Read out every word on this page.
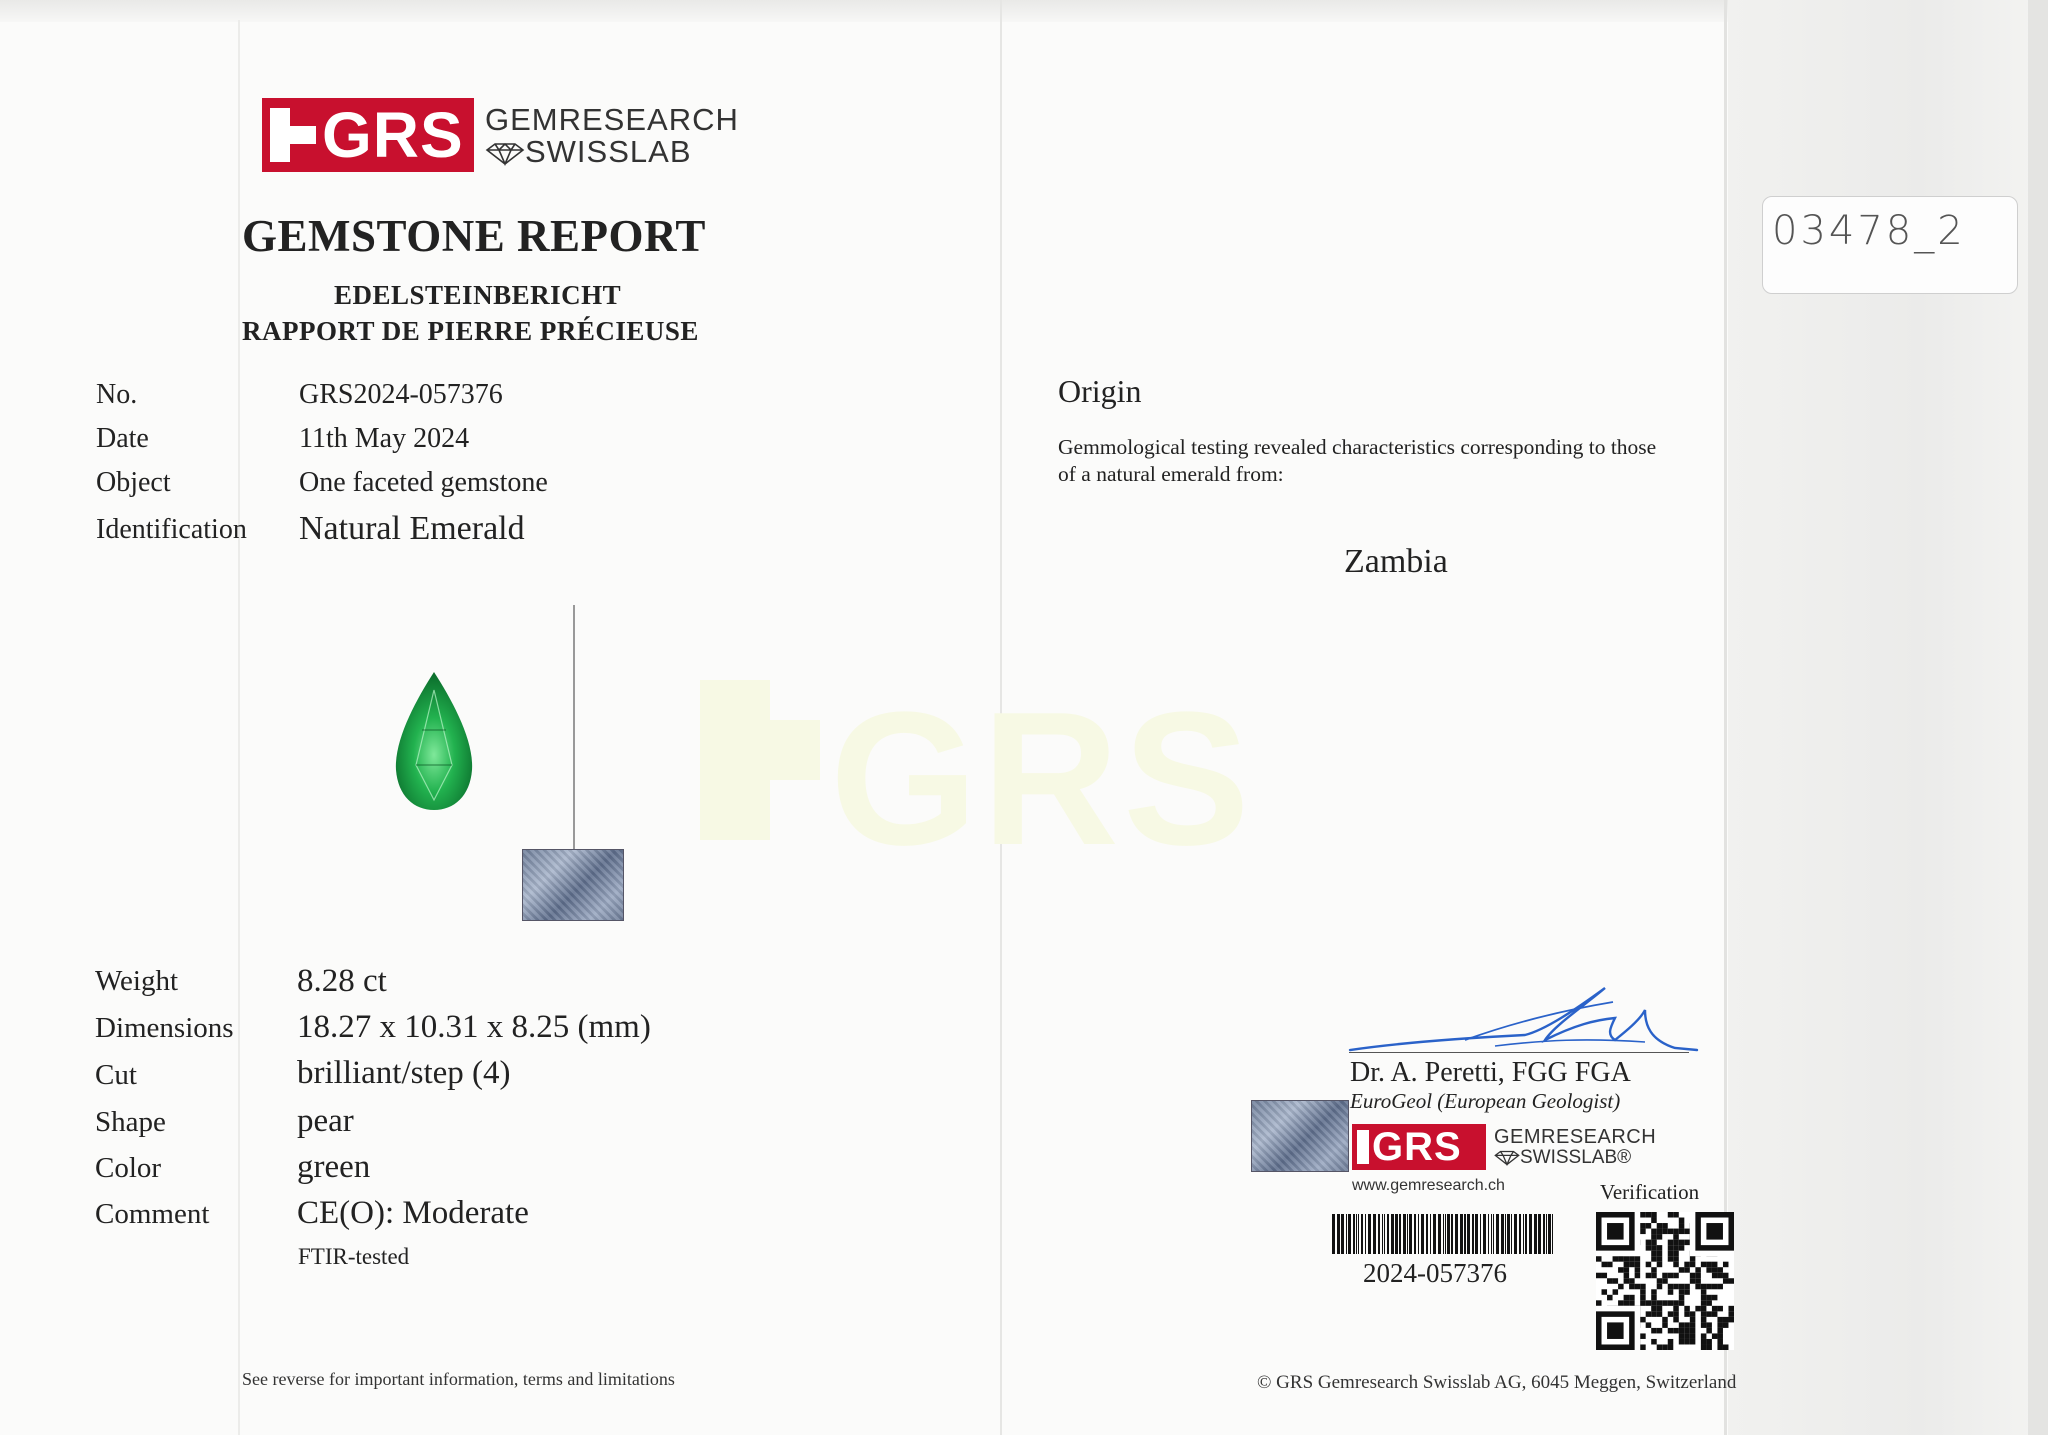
GRS
GRS GEMRESEARCH
SWISSLAB
GEMSTONE REPORT
EDELSTEINBERICHT
RAPPORT DE PIERRE PRÉCIEUSE
No.	GRS2024-057376
Date	11th May 2024
Object	One faceted gemstone
Identification Natural Emerald
Weight	8.28 ct
Dimensions 18.27 x 10.31 x 8.25 (mm)
Cut	brilliant/step (4)
Shape	pear
Color	green
Comment	CE(O): Moderate
FTIR-tested
See reverse for important information, terms and limitations
03478_2
Origin
Gemmological testing revealed characteristics corresponding to those
of a natural emerald from:
Zambia
Dr. A. Peretti, FGG FGA
EuroGeol (European Geologist)
GRS GEMRESEARCH
SWISSLAB®
www.gemresearch.ch	Verification
2024-057376
© GRS Gemresearch Swisslab AG, 6045 Meggen, Switzerland
